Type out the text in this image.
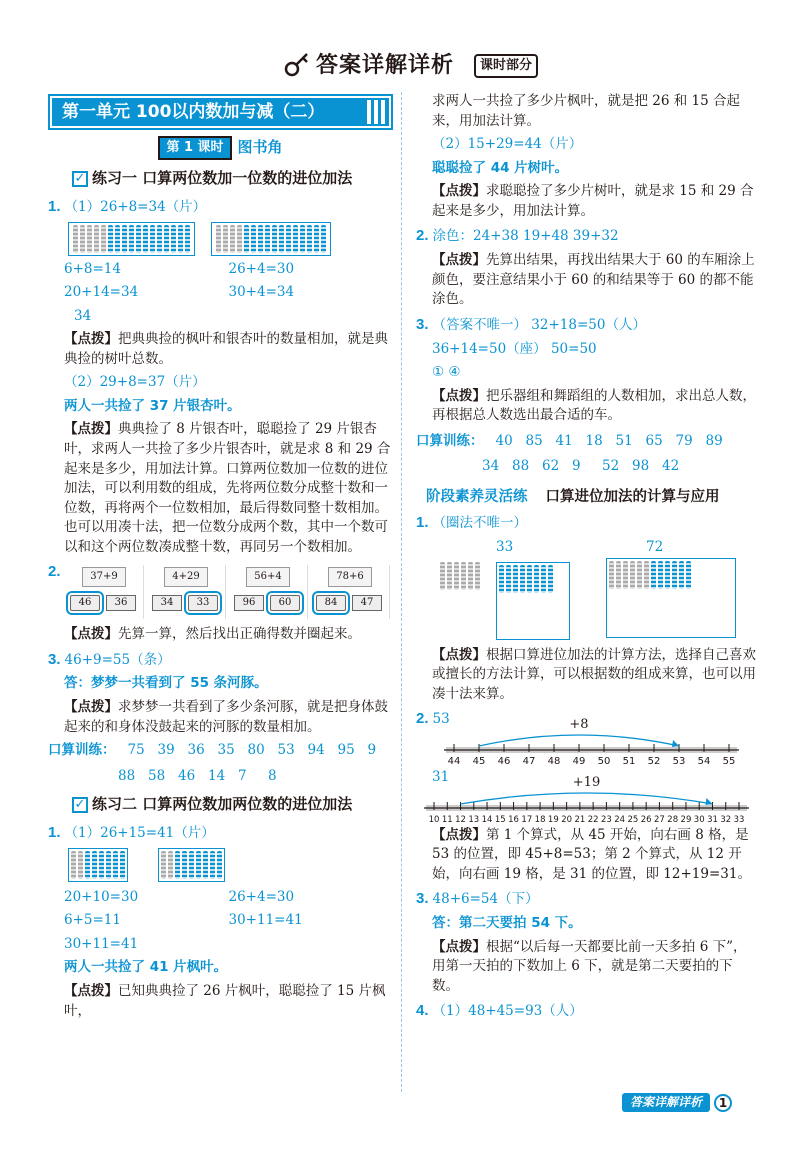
答案详解详析	课时部分
第一单元 100以内数加与减（二）
第 1 课时 图书角
✓ 练习一 口算两位数加一位数的进位加法

1. （1）26+8=34（片）

6+8=14

20+14=34

34

26+4=30

30+4=34

【点拨】把典典捡的枫叶和银杏叶的数量相加，就是典典捡的树叶总数。

（2）29+8=37（片）

两人一共捡了 37 片银杏叶。

【点拨】典典捡了 8 片银杏叶，聪聪捡了 29 片银杏叶，求两人一共捡了多少片银杏叶，就是求 8 和 29 合起来是多少，用加法计算。口算两位数加一位数的进位加法，可以利用数的组成，先将两位数分成整十数和一位数，再将两个一位数相加，最后得数同整十数相加。也可以用凑十法，把一位数分成两个数，其中一个数可以和这个两位数凑成整十数，再同另一个数相加。

2.	37+9
46	36
4+29
34	33
56+4
96	60
78+6
84	47

【点拨】先算一算，然后找出正确得数并圈起来。

3. 46+9=55（条）

答：梦梦一共看到了 55 条河豚。

【点拨】求梦梦一共看到了多少条河豚，就是把身体鼓起来的和身体没鼓起来的河豚的数量相加。

口算训练： 75 39 36 35 80 53 94 95 9
88 58 46 14 7	8
✓ 练习二 口算两位数加两位数的进位加法

1. （1）26+15=41（片）

20+10=30

6+5=11

30+11=41

26+4=30

30+11=41

两人一共捡了 41 片枫叶。

【点拨】已知典典捡了 26 片枫叶，聪聪捡了 15 片枫叶，

求两人一共捡了多少片枫叶，就是把 26 和 15 合起来，用加法计算。

（2）15+29=44（片）

聪聪捡了 44 片树叶。

【点拨】求聪聪捡了多少片树叶，就是求 15 和 29 合起来是多少，用加法计算。

2. 涂色：24+38 19+48 39+32

【点拨】先算出结果，再找出结果大于 60 的车厢涂上颜色，要注意结果小于 60 的和结果等于 60 的都不能涂色。

3. （答案不唯一） 32+18=50（人）

36+14=50（座） 50=50

① ④

【点拨】把乐器组和舞蹈组的人数相加，求出总人数，再根据总人数选出最合适的车。

口算训练： 40 85 41 18 51 65 79 89
34 88 62 9	52 98 42
阶段素养灵活练 口算进位加法的计算与应用

1. （圈法不唯一）

33	72

【点拨】根据口算进位加法的计算方法，选择自己喜欢或擅长的方法计算，可以根据数的组成来算，也可以用凑十法来算。

2. 53

44 45 46 47 48 49 50 51 52 53 54 55
+8

31

10 11 12 13 14 15 16 17 18 19 20 21 22 23 24 25 26 27 28 29 30 31 32 33
+19

【点拨】第 1 个算式，从 45 开始，向右画 8 格，是 53 的位置，即 45+8=53；第 2 个算式，从 12 开始，向右画 19 格，是 31 的位置，即 12+19=31。

3. 48+6=54（下）

答：第二天要拍 54 下。

【点拨】根据“以后每一天都要比前一天多拍 6 下”，用第一天拍的下数加上 6 下，就是第二天要拍的下数。

4. （1）48+45=93（人）

答案详解详析	1
